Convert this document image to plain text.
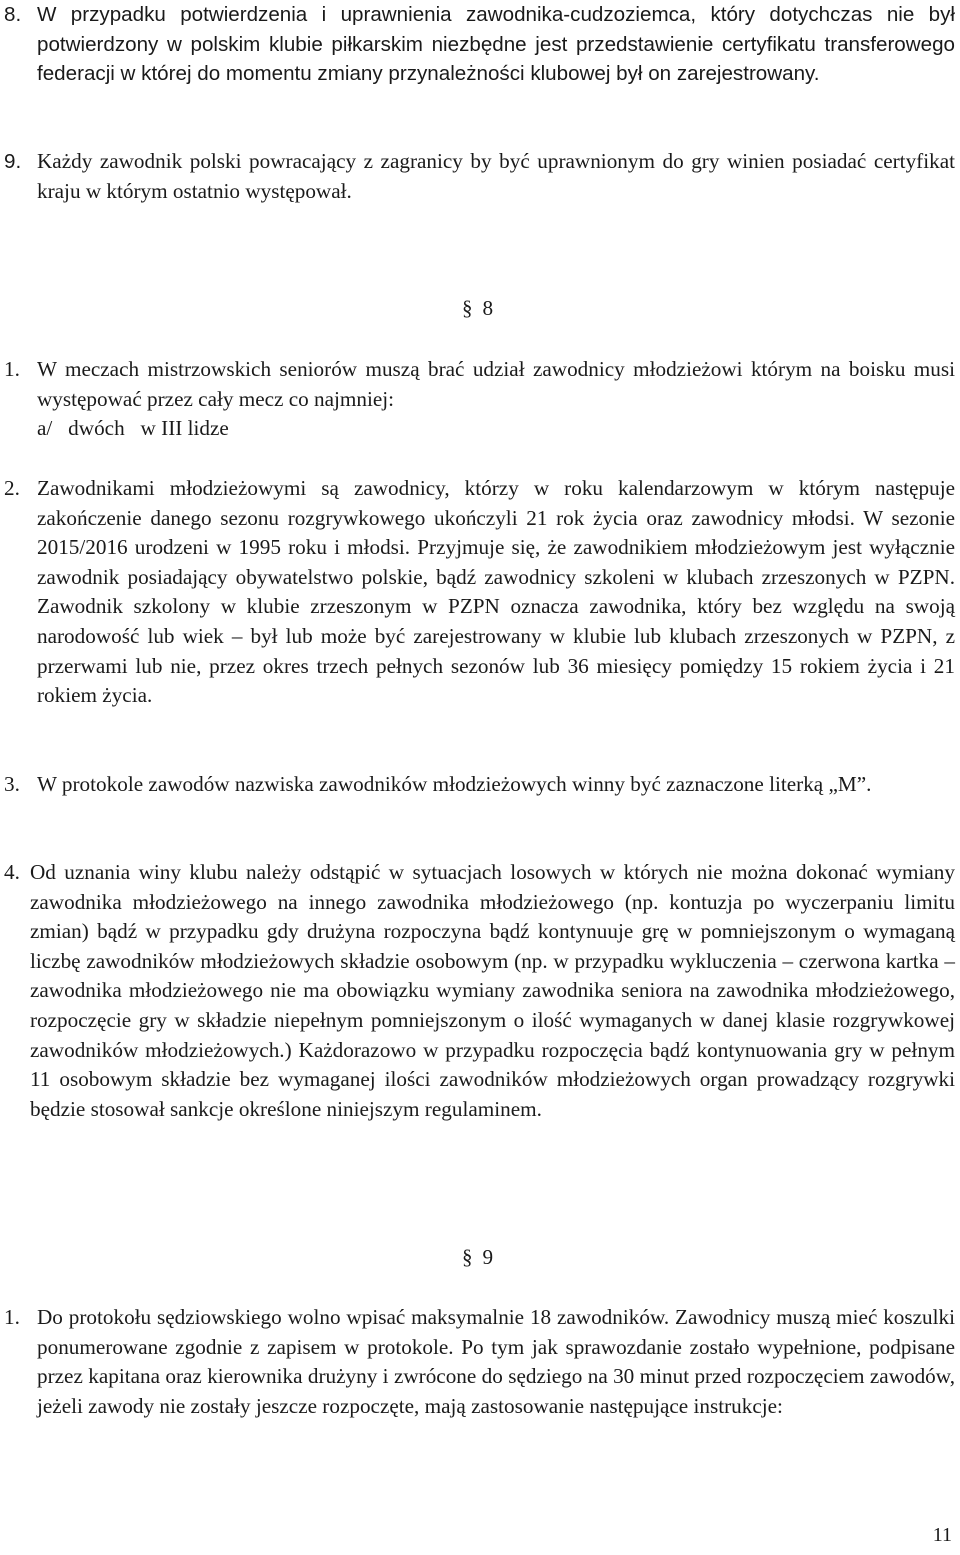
8. W przypadku potwierdzenia i uprawnienia zawodnika-cudzoziemca, który dotychczas nie był potwierdzony w polskim klubie piłkarskim niezbędne jest przedstawienie certyfikatu transferowego federacji w której do momentu zmiany przynależności klubowej był on zarejestrowany.
9. Każdy zawodnik polski powracający z zagranicy by być uprawnionym do gry winien posiadać certyfikat kraju w którym ostatnio występował.
§ 8
1. W meczach mistrzowskich seniorów muszą brać udział zawodnicy młodzieżowi którym na boisku musi występować przez cały mecz co najmniej:
a/   dwóch   w III lidze
2. Zawodnikami młodzieżowymi są zawodnicy, którzy w roku kalendarzowym w którym następuje zakończenie danego sezonu rozgrywkowego ukończyli 21 rok życia oraz zawodnicy młodsi. W sezonie 2015/2016 urodzeni w 1995 roku i młodsi. Przyjmuje się, że zawodnikiem młodzieżowym jest wyłącznie zawodnik posiadający obywatelstwo polskie, bądź zawodnicy szkoleni w klubach zrzeszonych w PZPN. Zawodnik szkolony w klubie zrzeszonym w PZPN oznacza zawodnika, który bez względu na swoją narodowość lub wiek – był lub może być zarejestrowany w klubie lub klubach zrzeszonych w PZPN, z przerwami lub nie, przez okres trzech pełnych sezonów lub 36 miesięcy pomiędzy 15 rokiem życia i 21 rokiem życia.
3. W protokole zawodów nazwiska zawodników młodzieżowych winny być zaznaczone literką „M”.
4. Od uznania winy klubu należy odstąpić w sytuacjach losowych w których nie można dokonać wymiany zawodnika młodzieżowego na innego zawodnika młodzieżowego (np. kontuzja po wyczerpaniu limitu zmian) bądź w przypadku gdy drużyna rozpoczyna bądź kontynuuje grę w pomniejszonym o wymaganą liczbę zawodników młodzieżowych składzie osobowym (np. w przypadku wykluczenia – czerwona kartka – zawodnika młodzieżowego nie ma obowiązku wymiany zawodnika seniora na zawodnika młodzieżowego, rozpoczęcie gry w składzie niepełnym pomniejszonym o ilość wymaganych w danej klasie rozgrywkowej zawodników młodzieżowych.) Każdorazowo w przypadku rozpoczęcia bądź kontynuowania gry w pełnym 11 osobowym składzie bez wymaganej ilości zawodników młodzieżowych organ prowadzący rozgrywki będzie stosował sankcje określone niniejszym regulaminem.
§ 9
1. Do protokołu sędziowskiego wolno wpisać maksymalnie 18 zawodników. Zawodnicy muszą mieć koszulki ponumerowane zgodnie z zapisem w protokole. Po tym jak sprawozdanie zostało wypełnione, podpisane przez kapitana oraz kierownika drużyny i zwrócone do sędziego na 30 minut przed rozpoczęciem zawodów, jeżeli zawody nie zostały jeszcze rozpoczęte, mają zastosowanie następujące instrukcje:
11
